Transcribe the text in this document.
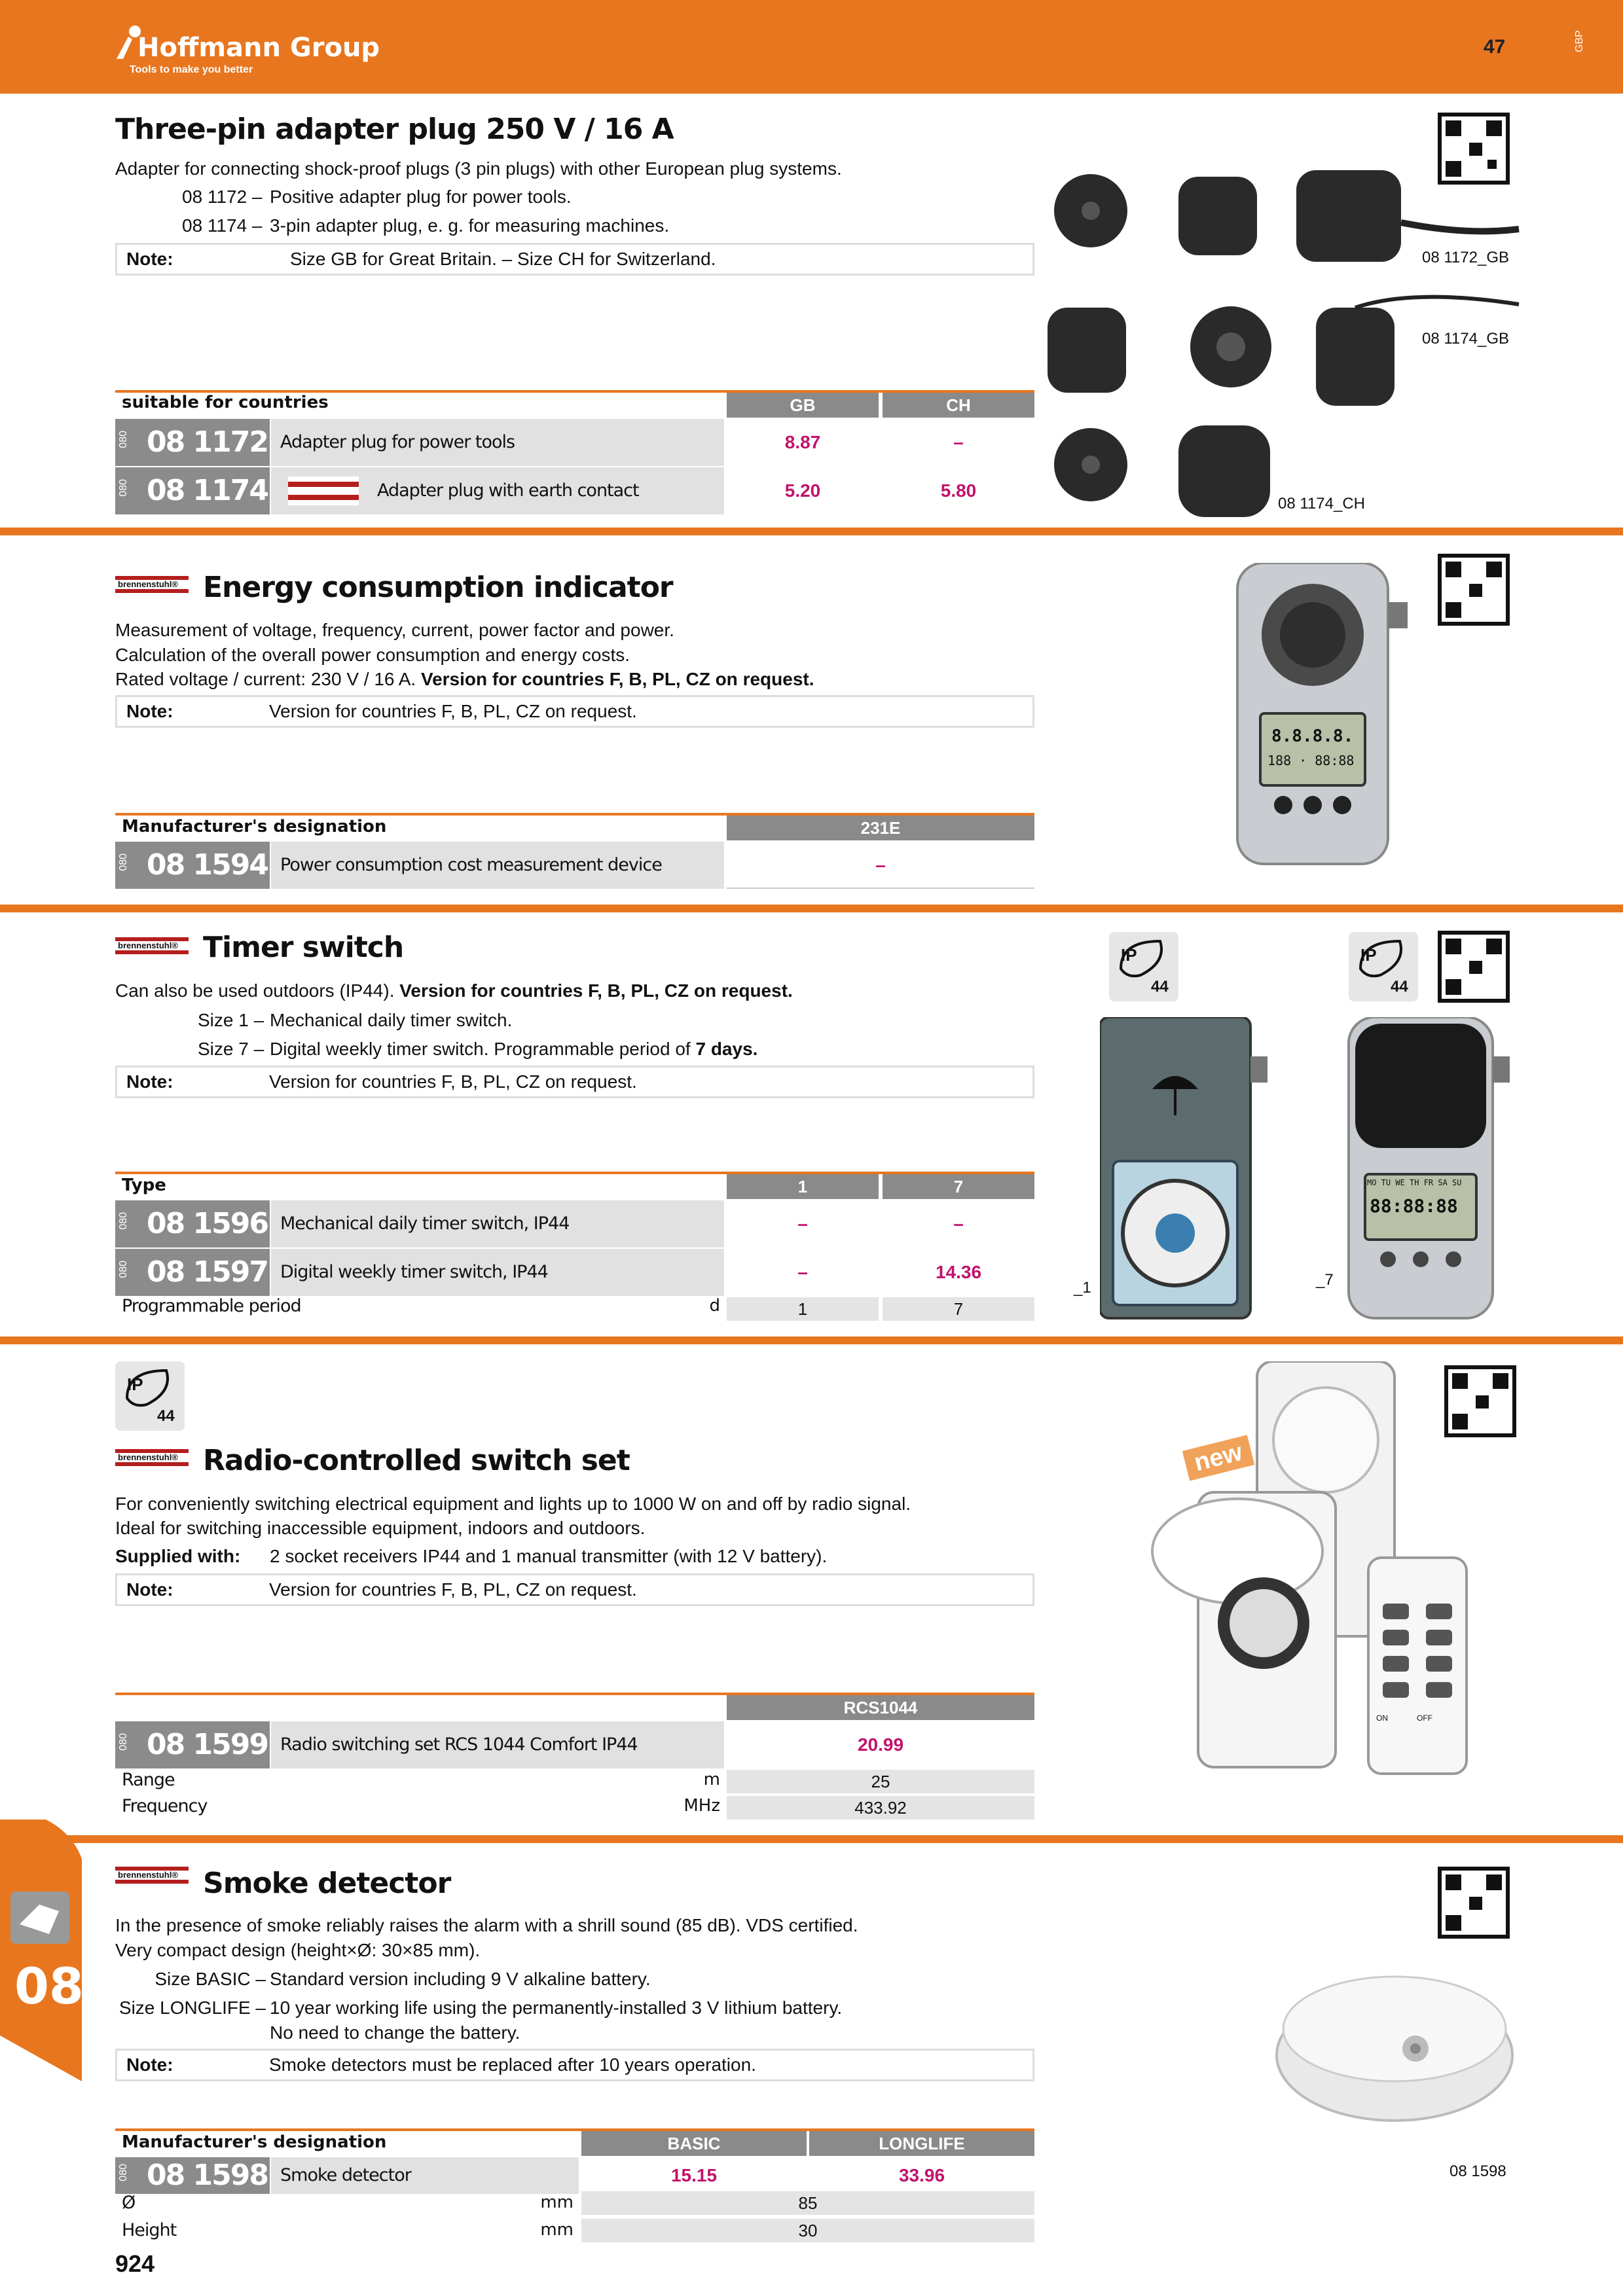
Hoffmann Group
Tools to make you better
47	GBP
Three-pin adapter plug 250 V / 16 A
Adapter for connecting shock-proof plugs (3 pin plugs) with other European plug systems.
08 1172 – Positive adapter plug for power tools.
08 1174 – 3-pin adapter plug, e. g. for measuring machines.
Note:	Size GB for Great Britain. – Size CH for Switzerland.
suitable for countries	GB	CH
080 08 1172 Adapter plug for power tools	8.87	–
080 08 1174	Adapter plug with earth contact	5.20	5.80
08 1172_GB
08 1174_GB
08 1174_CH
brennenstuhl® Energy consumption indicator
Measurement of voltage, frequency, current, power factor and power.
Calculation of the overall power consumption and energy costs.
Rated voltage / current: 230 V / 16 A. Version for countries F, B, PL, CZ on request.
Note:	Version for countries F, B, PL, CZ on request.
Manufacturer's designation	231E
080 08 1594 Power consumption cost measurement device	–
8.8.8.8.
188 · 88:88
brennenstuhl® Timer switch
Can also be used outdoors (IP44). Version for countries F, B, PL, CZ on request.
Size 1 – Mechanical daily timer switch.
Size 7 – Digital weekly timer switch. Programmable period of 7 days.
Note:	Version for countries F, B, PL, CZ on request.
Type	1	7
080 08 1596 Mechanical daily timer switch, IP44	–	–
080 08 1597 Digital weekly timer switch, IP44	–	14.36
Programmable period	d	1	7
IP
44
IP
44
MO TU WE TH FR SA SU
88:88:88
_1	_7
IP
44
brennenstuhl® Radio-controlled switch set
For conveniently switching electrical equipment and lights up to 1000 W on and off by radio signal.
Ideal for switching inaccessible equipment, indoors and outdoors.
Supplied with: 2 socket receivers IP44 and 1 manual transmitter (with 12 V battery).
Note:	Version for countries F, B, PL, CZ on request.
RCS1044
080 08 1599 Radio switching set RCS 1044 Comfort IP44	20.99
Range	m	25
Frequency	MHz	433.92
ON	OFF
new
brennenstuhl® Smoke detector
In the presence of smoke reliably raises the alarm with a shrill sound (85 dB). VDS certified.
Very compact design (height×Ø: 30×85 mm).
Size BASIC – Standard version including 9 V alkaline battery.
Size LONGLIFE – 10 year working life using the permanently-installed 3 V lithium battery.
No need to change the battery.
Note:	Smoke detectors must be replaced after 10 years operation.
Manufacturer's designation	BASIC	LONGLIFE
080 08 1598 Smoke detector	15.15	33.96
Ø	mm	85
Height	mm	30
08 1598
08
924
